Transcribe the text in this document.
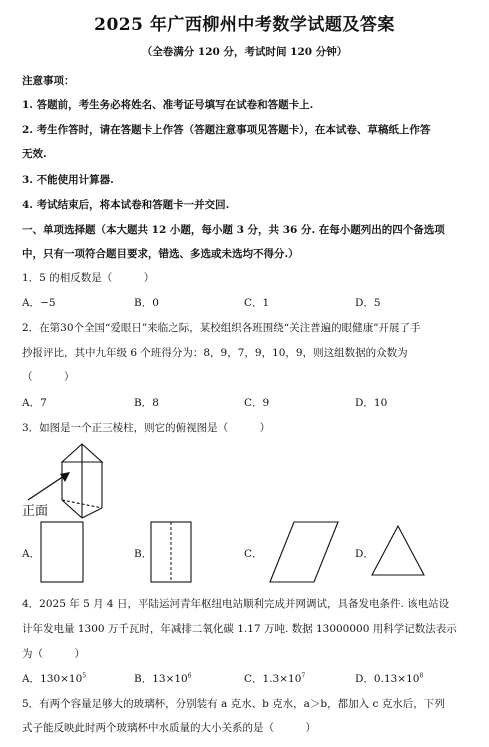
2025 年广西柳州中考数学试题及答案
（全卷满分 120 分，考试时间 120 分钟）
注意事项：
1. 答题前，考生务必将姓名、准考证号填写在试卷和答题卡上.
2. 考生作答时，请在答题卡上作答（答题注意事项见答题卡），在本试卷、草稿纸上作答
无效.
3. 不能使用计算器.
4. 考试结束后，将本试卷和答题卡一并交回.
一、单项选择题（本大题共 12 小题，每小题 3 分，共 36 分. 在每小题列出的四个备选项
中，只有一项符合题目要求，错选、多选或未选均不得分.）
1．5 的相反数是（　　　）
A．−5	B．0	C．1	D．5
2．在第30个全国“爱眼日”来临之际，某校组织各班围绕“关注普遍的眼健康”开展了手
抄报评比，其中九年级 6 个班得分为：8，9，7，9，10，9，则这组数据的众数为
（　　　）
A．7	B．8	C．9	D．10
3．如图是一个正三棱柱，则它的俯视图是（　　　）
正面
A．	B．	C．	D．
4．2025 年 5 月 4 日，平陆运河青年枢纽电站顺利完成并网调试，具备发电条件. 该电站设
计年发电量 1300 万千瓦时，年减排二氧化碳 1.17 万吨. 数据 13000000 用科学记数法表示
为（　　　）
A．$130\times 10^5$	B．$13\times 10^6$	C．$1.3\times 10^7$	D．$0.13\times 10^8$
5．有两个容量足够大的玻璃杯，分别装有 a 克水、b 克水，a＞b，都加入 c 克水后，下列
式子能反映此时两个玻璃杯中水质量的大小关系的是（　　　）
